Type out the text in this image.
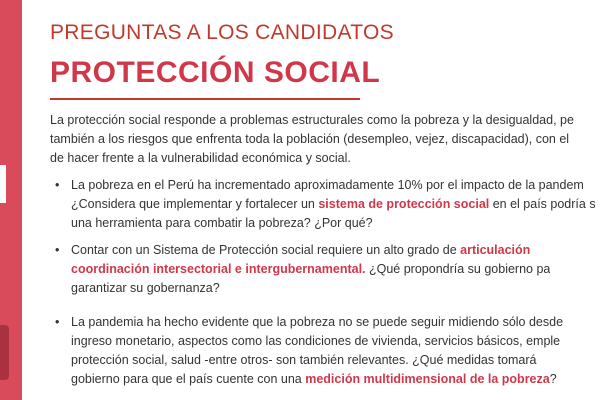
PREGUNTAS A LOS CANDIDATOS
PROTECCIÓN SOCIAL

La protección social responde a problemas estructurales como la pobreza y la desigualdad, pe
también a los riesgos que enfrenta toda la población (desempleo, vejez, discapacidad), con el
de hacer frente a la vulnerabilidad económica y social.

• La pobreza en el Perú ha incrementado aproximadamente 10% por el impacto de la pandem
¿Considera que implementar y fortalecer un sistema de protección social en el país podría s
una herramienta para combatir la pobreza? ¿Por qué?
• Contar con un Sistema de Protección social requiere un alto grado de articulación
coordinación intersectorial e intergubernamental. ¿Qué propondría su gobierno pa
garantizar su gobernanza?
• La pandemia ha hecho evidente que la pobreza no se puede seguir midiendo sólo desde
ingreso monetario, aspectos como las condiciones de vivienda, servicios básicos, emple
protección social, salud -entre otros- son también relevantes. ¿Qué medidas tomará
gobierno para que el país cuente con una medición multidimensional de la pobreza?
